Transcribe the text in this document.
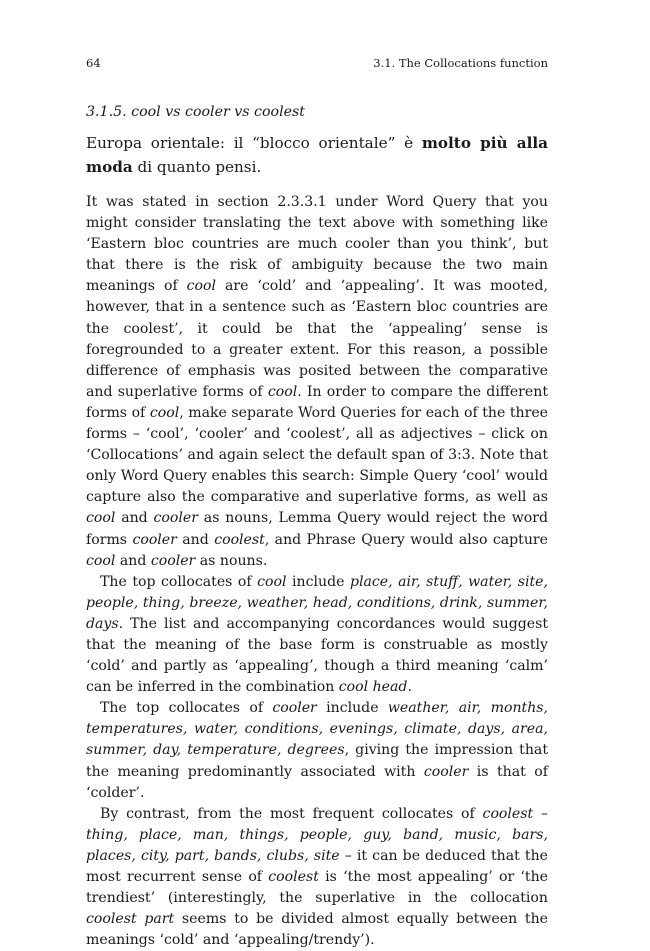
64	3.1. The Collocations function
3.1.5. cool vs cooler vs coolest
Europa orientale: il “blocco orientale” è molto più alla moda di quanto pensi.

It was stated in section 2.3.3.1 under Word Query that you might consider translating the text above with something like ‘Eastern bloc countries are much cooler than you think’, but that there is the risk of ambiguity because the two main meanings of cool are ‘cold’ and ‘appealing’. It was mooted, however, that in a sentence such as ‘Eastern bloc countries are the coolest’, it could be that the ‘appealing’ sense is foregrounded to a greater extent. For this reason, a possible difference of emphasis was posited between the comparative and superlative forms of cool. In order to compare the different forms of cool, make separate Word Queries for each of the three forms – ‘cool’, ‘cooler’ and ‘coolest’, all as adjectives – click on ‘Collocations’ and again select the default span of 3:3. Note that only Word Query enables this search: Simple Query ‘cool’ would capture also the comparative and superlative forms, as well as cool and cooler as nouns, Lemma Query would reject the word forms cooler and coolest, and Phrase Query would also capture cool and cooler as nouns.

The top collocates of cool include place, air, stuff, water, site, people, thing, breeze, weather, head, conditions, drink, summer, days. The list and accompanying concordances would suggest that the meaning of the base form is construable as mostly ‘cold’ and partly as ‘appealing’, though a third meaning ‘calm’ can be inferred in the combination cool head.

The top collocates of cooler include weather, air, months, temperatures, water, conditions, evenings, climate, days, area, summer, day, temperature, degrees, giving the impression that the meaning predominantly associated with cooler is that of ‘colder’.

By contrast, from the most frequent collocates of coolest – thing, place, man, things, people, guy, band, music, bars, places, city, part, bands, clubs, site – it can be deduced that the most recurrent sense of coolest is ‘the most appealing’ or ‘the trendiest’ (interestingly, the superlative in the collocation coolest part seems to be divided almost equally between the meanings ‘cold’ and ‘appealing/trendy’).
